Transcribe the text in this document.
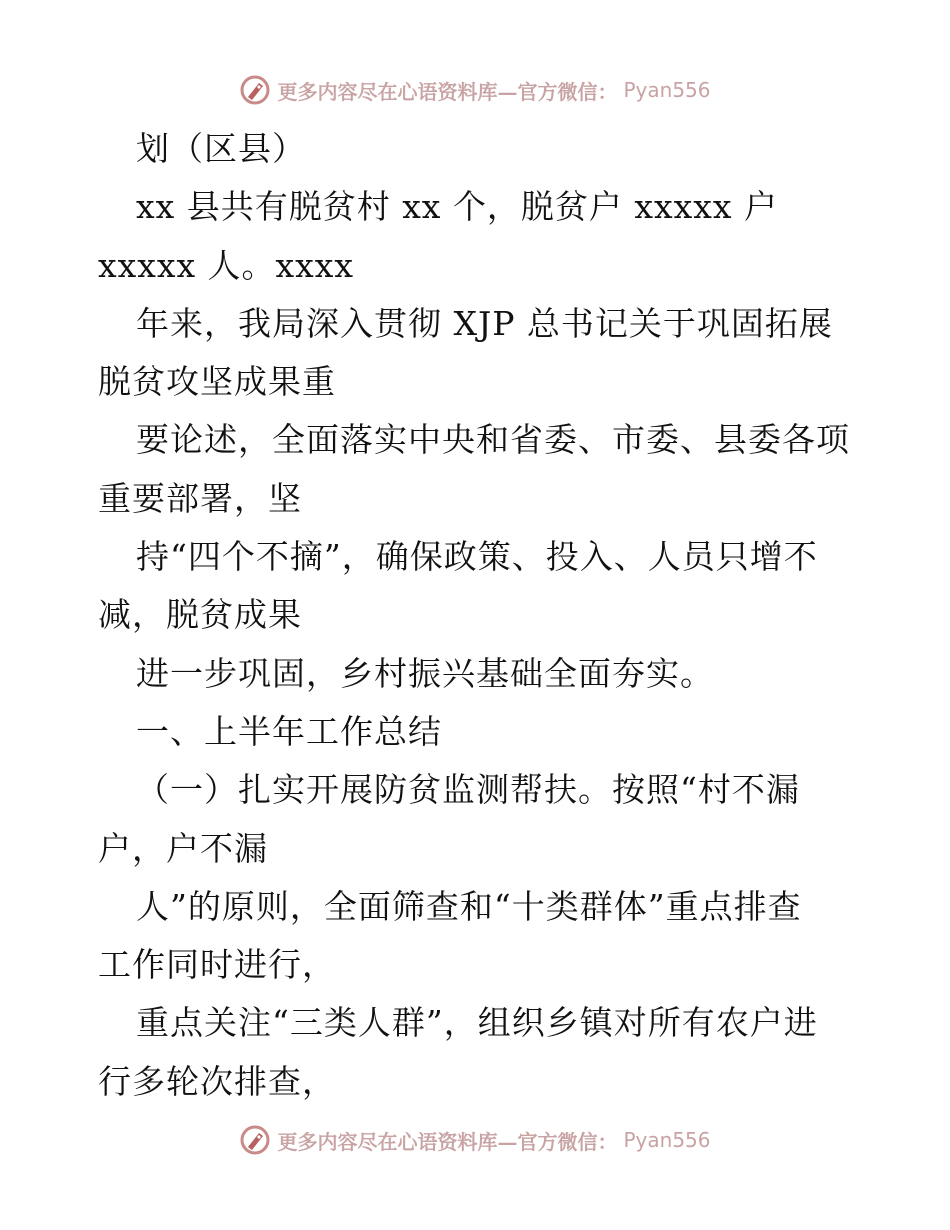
更多内容尽在心语资料库—官方微信： Pyan556
划（区县）
xx 县共有脱贫村 xx 个，脱贫户 xxxxx 户
xxxxx 人。xxxx
年来，我局深入贯彻 XJP 总书记关于巩固拓展
脱贫攻坚成果重
要论述，全面落实中央和省委、市委、县委各项
重要部署，坚
持“四个不摘”，确保政策、投入、人员只增不
减，脱贫成果
进一步巩固，乡村振兴基础全面夯实。
一、上半年工作总结
（一）扎实开展防贫监测帮扶。按照“村不漏
户，户不漏
人”的原则，全面筛查和“十类群体”重点排查
工作同时进行，
重点关注“三类人群”，组织乡镇对所有农户进
行多轮次排查，
更多内容尽在心语资料库—官方微信： Pyan556
